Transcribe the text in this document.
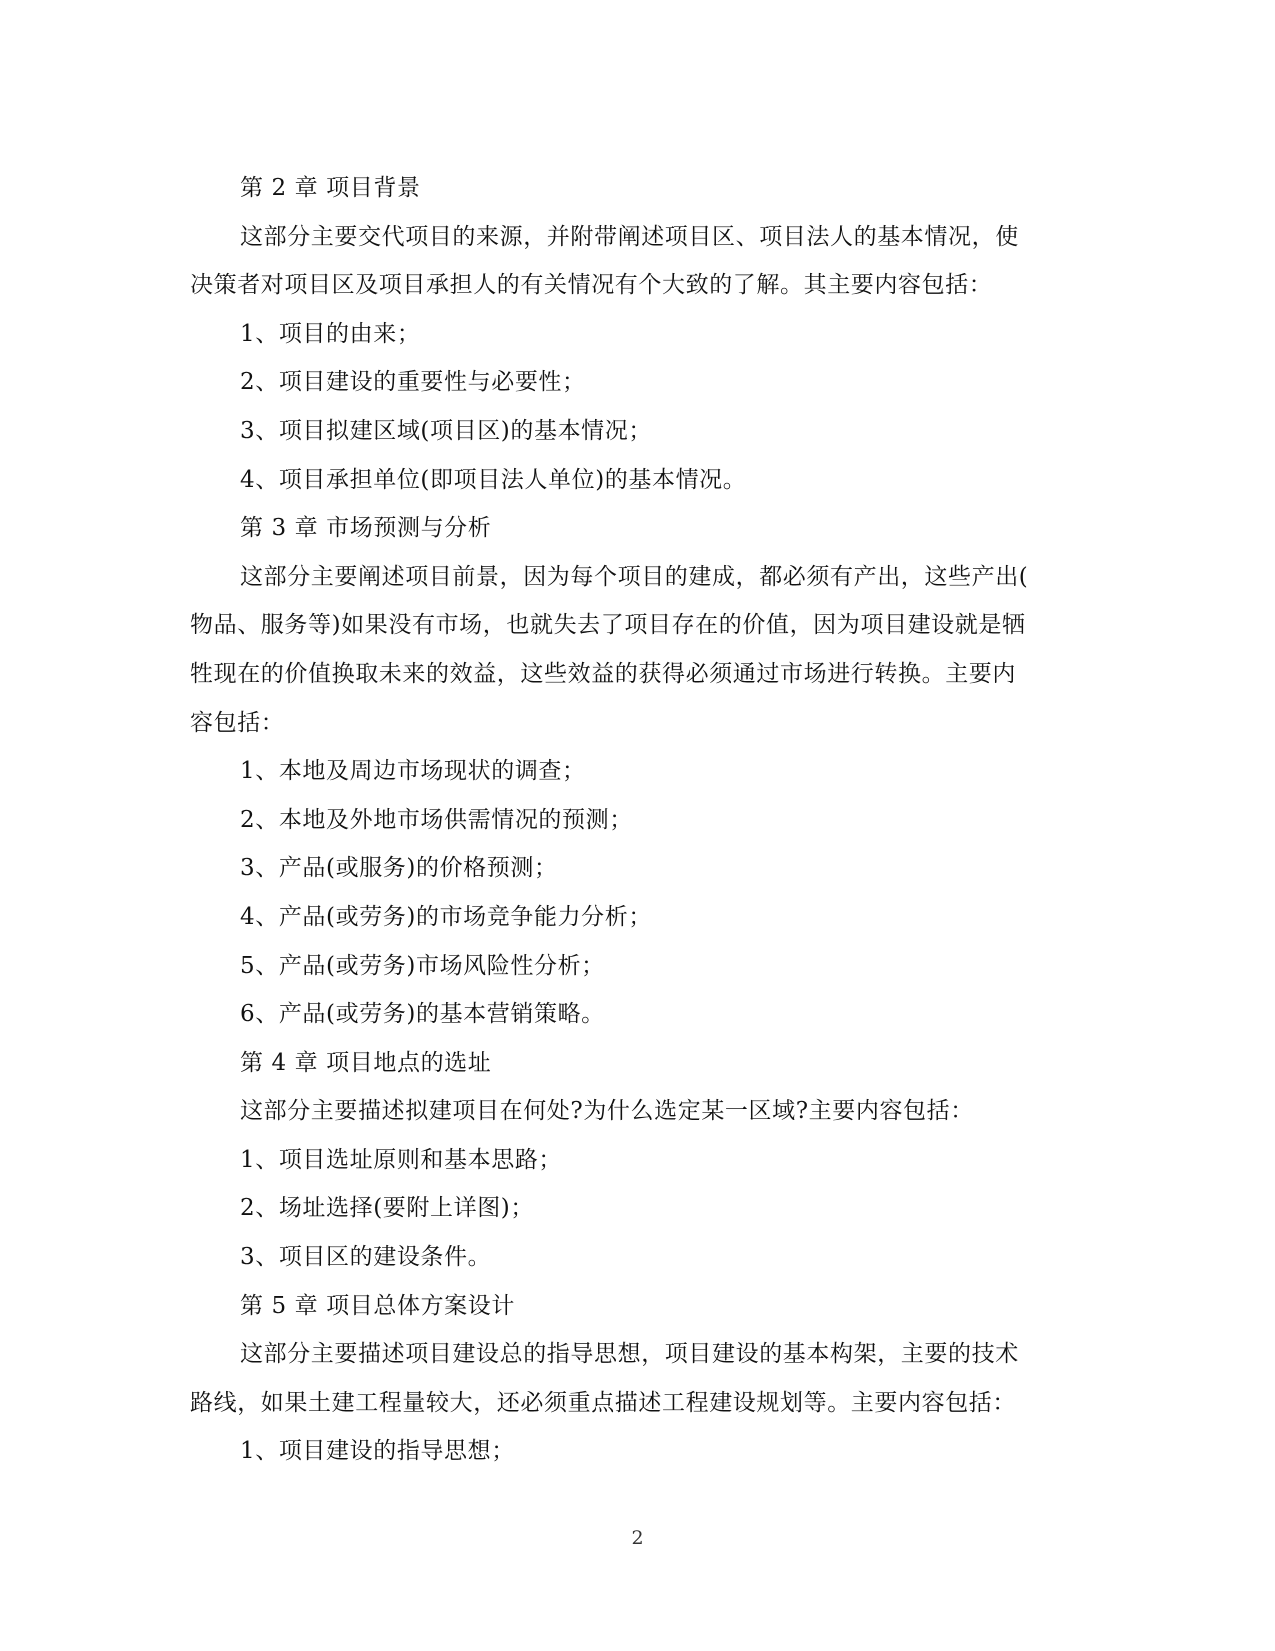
第 2 章 项目背景
这部分主要交代项目的来源，并附带阐述项目区、项目法人的基本情况，使
决策者对项目区及项目承担人的有关情况有个大致的了解。其主要内容包括：
1、项目的由来；
2、项目建设的重要性与必要性；
3、项目拟建区域(项目区)的基本情况；
4、项目承担单位(即项目法人单位)的基本情况。
第 3 章 市场预测与分析
这部分主要阐述项目前景，因为每个项目的建成，都必须有产出，这些产出(
物品、服务等)如果没有市场，也就失去了项目存在的价值，因为项目建设就是牺
牲现在的价值换取未来的效益，这些效益的获得必须通过市场进行转换。主要内
容包括：
1、本地及周边市场现状的调查；
2、本地及外地市场供需情况的预测；
3、产品(或服务)的价格预测；
4、产品(或劳务)的市场竞争能力分析；
5、产品(或劳务)市场风险性分析；
6、产品(或劳务)的基本营销策略。
第 4 章 项目地点的选址
这部分主要描述拟建项目在何处?为什么选定某一区域?主要内容包括：
1、项目选址原则和基本思路；
2、场址选择(要附上详图)；
3、项目区的建设条件。
第 5 章 项目总体方案设计
这部分主要描述项目建设总的指导思想，项目建设的基本构架，主要的技术
路线，如果土建工程量较大，还必须重点描述工程建设规划等。主要内容包括：
1、项目建设的指导思想；
2
